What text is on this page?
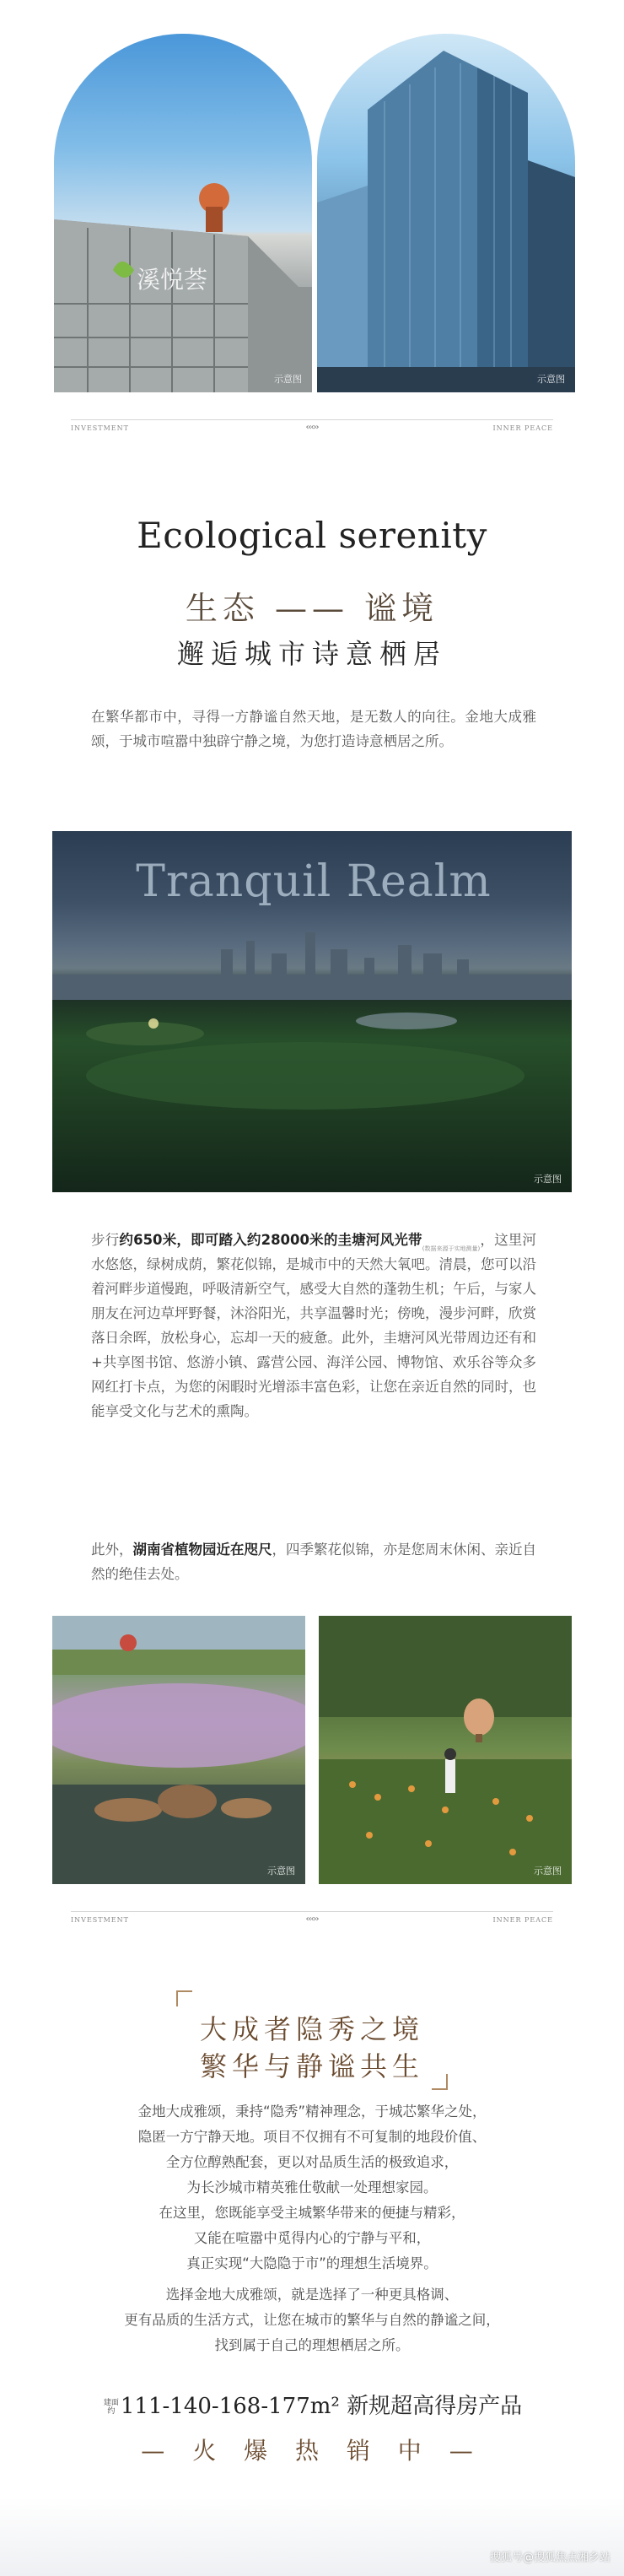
溪悦荟
示意图	示意图
INVESTMENT	‹‹‹››	INNER PEACE
Ecological serenity
生态 —— 谧境
邂逅城市诗意栖居
在繁华都市中，寻得一方静谧自然天地，是无数人的向往。金地大成雅颂，于城市喧嚣中独辟宁静之境，为您打造诗意栖居之所。
Tranquil Realm
示意图
步行约650米，即可踏入约28000米的圭塘河风光带(数据来源于实地测量)，这里河水悠悠，绿树成荫，繁花似锦，是城市中的天然大氧吧。清晨，您可以沿着河畔步道慢跑，呼吸清新空气，感受大自然的蓬勃生机；午后，与家人朋友在河边草坪野餐，沐浴阳光，共享温馨时光；傍晚，漫步河畔，欣赏落日余晖，放松身心，忘却一天的疲惫。此外，圭塘河风光带周边还有和+共享图书馆、悠游小镇、露营公园、海洋公园、博物馆、欢乐谷等众多网红打卡点，为您的闲暇时光增添丰富色彩，让您在亲近自然的同时，也能享受文化与艺术的熏陶。
此外，湖南省植物园近在咫尺，四季繁花似锦，亦是您周末休闲、亲近自然的绝佳去处。
示意图	示意图
INVESTMENT	‹‹‹››	INNER PEACE
大成者隐秀之境
繁华与静谧共生
金地大成雅颂，秉持“隐秀”精神理念，于城芯繁华之处，
隐匿一方宁静天地。项目不仅拥有不可复制的地段价值、
全方位醇熟配套，更以对品质生活的极致追求，
为长沙城市精英雅仕敬献一处理想家园。
在这里，您既能享受主城繁华带来的便捷与精彩，
又能在喧嚣中觅得内心的宁静与平和，
真正实现“大隐隐于市”的理想生活境界。
选择金地大成雅颂，就是选择了一种更具格调、
更有品质的生活方式，让您在城市的繁华与自然的静谧之间，
找到属于自己的理想栖居之所。
搜狐号@搜狐焦点湘乡站
建面约 111-140-168-177m² 新规超高得房产品
— 火 爆 热 销 中 —
